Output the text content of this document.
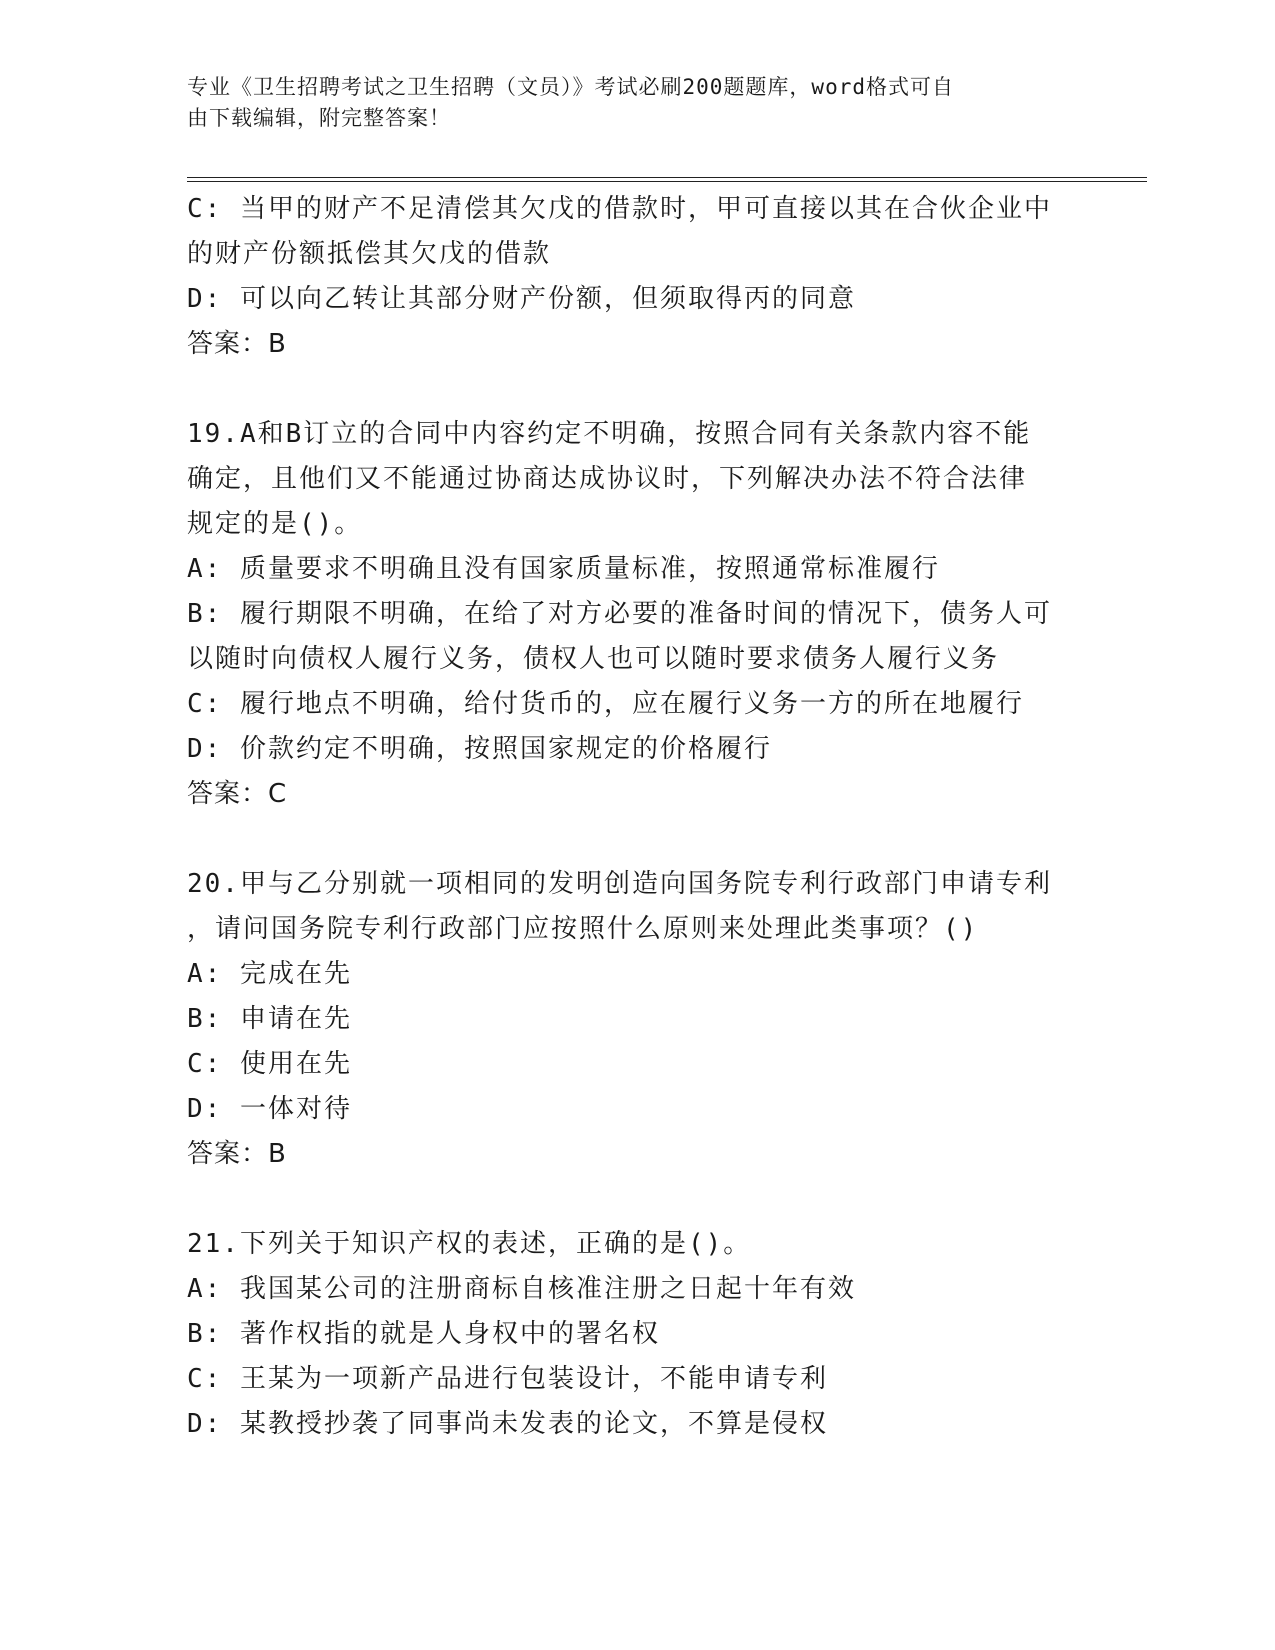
专业《卫生招聘考试之卫生招聘（文员）》考试必刷200题题库，word格式可自
由下载编辑，附完整答案！
C: 当甲的财产不足清偿其欠戊的借款时，甲可直接以其在合伙企业中
的财产份额抵偿其欠戊的借款
D: 可以向乙转让其部分财产份额，但须取得丙的同意
答案：B
19.A和B订立的合同中内容约定不明确，按照合同有关条款内容不能
确定，且他们又不能通过协商达成协议时，下列解决办法不符合法律
规定的是()。
A: 质量要求不明确且没有国家质量标准，按照通常标准履行
B: 履行期限不明确，在给了对方必要的准备时间的情况下，债务人可
以随时向债权人履行义务，债权人也可以随时要求债务人履行义务
C: 履行地点不明确，给付货币的，应在履行义务一方的所在地履行
D: 价款约定不明确，按照国家规定的价格履行
答案：C
20.甲与乙分别就一项相同的发明创造向国务院专利行政部门申请专利
，请问国务院专利行政部门应按照什么原则来处理此类事项？()
A: 完成在先
B: 申请在先
C: 使用在先
D: 一体对待
答案：B
21.下列关于知识产权的表述，正确的是()。
A: 我国某公司的注册商标自核准注册之日起十年有效
B: 著作权指的就是人身权中的署名权
C: 王某为一项新产品进行包装设计，不能申请专利
D: 某教授抄袭了同事尚未发表的论文，不算是侵权
